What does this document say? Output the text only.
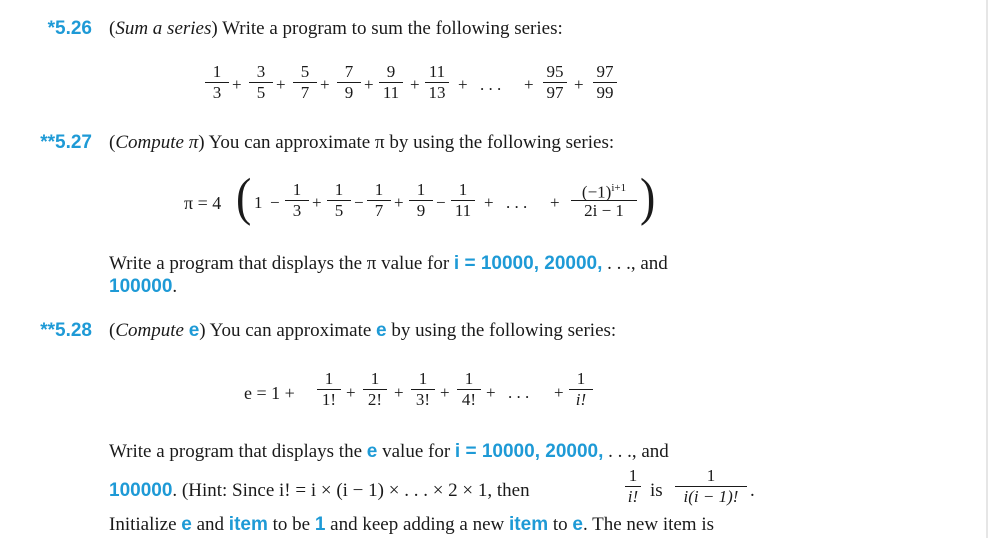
*5.26 (Sum a series) Write a program to sum the following series:
1
3 +
3
5 +
5
7 +
7
9 +
9
11 +
11
13 + . . . +
95
97 +
97
99
**5.27 (Compute π) You can approximate π by using the following series:
π = 4 ( 1 −
1
3 +
1
5 −
1
7 +
1
9 −
1
11 + . . . +
$(-1)^{i+1}$
2i − 1 )
Write a program that displays the π value for i = 10000, 20000, . . ., and
100000.
**5.28 (Compute e) You can approximate e by using the following series:
e = 1 +
1
1! +
1
2! +
1
3! +
1
4! + . . . +
1
i!
Write a program that displays the e value for i = 10000, 20000, . . ., and
100000. (Hint: Since i! = i × (i − 1) × . . . × 2 × 1, then
1
i! is
1
i(i − 1)! .
Initialize e and item to be 1 and keep adding a new item to e. The new item is
